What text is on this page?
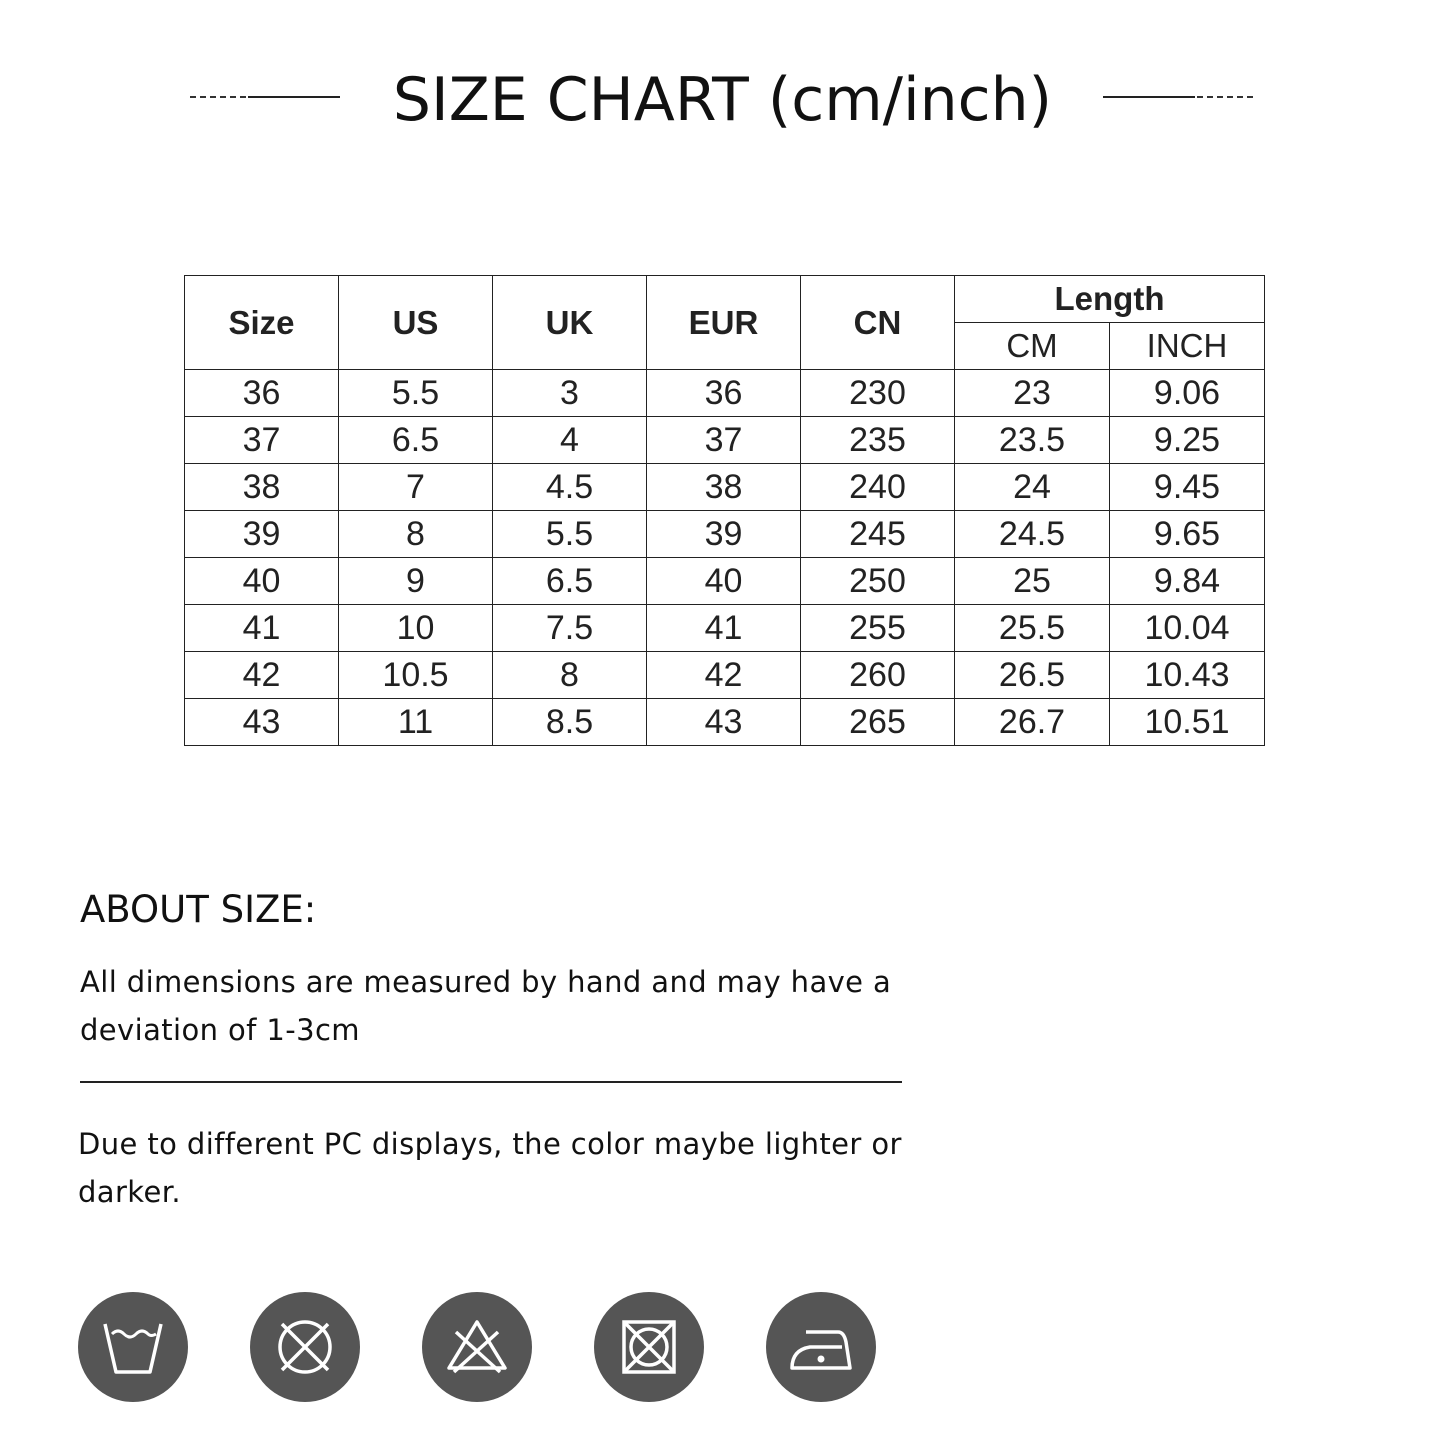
SIZE CHART (cm/inch)
Size	US	UK	EUR	CN	Length	
					CM	INCH
36	5.5	3	36	230	23	9.06
37	6.5	4	37	235	23.5	9.25
38	7	4.5	38	240	24	9.45
39	8	5.5	39	245	24.5	9.65
40	9	6.5	40	250	25	9.84
41	10	7.5	41	255	25.5	10.04
42	10.5	8	42	260	26.5	10.43
43	11	8.5	43	265	26.7	10.51
ABOUT SIZE:
All dimensions are measured by hand and may have a deviation of 1-3cm
Due to different PC displays, the color maybe lighter or darker.
